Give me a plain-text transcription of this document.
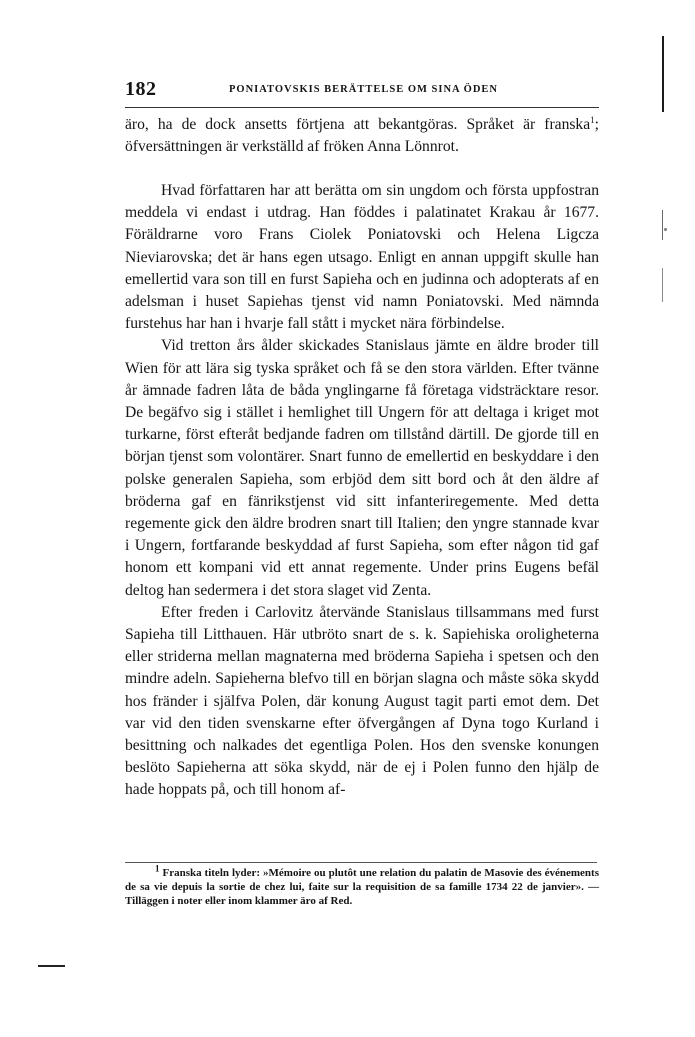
182	PONIATOVSKIS BERÄTTELSE OM SINA ÖDEN

äro, ha de dock ansetts förtjena att bekantgöras. Språket är franska$^1$; öfversättningen är verkställd af fröken Anna Lönnrot.

Hvad författaren har att berätta om sin ungdom och första uppfostran meddela vi endast i utdrag. Han föddes i palatinatet Krakau år 1677. Föräldrarne voro Frans Ciolek Poniatovski och Helena Ligcza Nieviarovska; det är hans egen utsago. Enligt en annan uppgift skulle han emellertid vara son till en furst Sapieha och en judinna och adopterats af en adelsman i huset Sapiehas tjenst vid namn Poniatovski. Med nämnda furstehus har han i hvarje fall stått i mycket nära förbindelse.

Vid tretton års ålder skickades Stanislaus jämte en äldre broder till Wien för att lära sig tyska språket och få se den stora världen. Efter tvänne år ämnade fadren låta de båda ynglingarne få företaga vidsträcktare resor. De begäfvo sig i stället i hemlighet till Ungern för att deltaga i kriget mot turkarne, först efteråt bedjande fadren om tillstånd därtill. De gjorde till en början tjenst som volontärer. Snart funno de emellertid en beskyddare i den polske generalen Sapieha, som erbjöd dem sitt bord och åt den äldre af bröderna gaf en fänrikstjenst vid sitt infanteriregemente. Med detta regemente gick den äldre brodren snart till Italien; den yngre stannade kvar i Ungern, fortfarande beskyddad af furst Sapieha, som efter någon tid gaf honom ett kompani vid ett annat regemente. Under prins Eugens befäl deltog han sedermera i det stora slaget vid Zenta.

Efter freden i Carlovitz återvände Stanislaus tillsammans med furst Sapieha till Litthauen. Här utbröto snart de s. k. Sapiehiska oroligheterna eller striderna mellan magnaterna med bröderna Sapieha i spetsen och den mindre adeln. Sapieherna blefvo till en början slagna och måste söka skydd hos fränder i själfva Polen, där konung August tagit parti emot dem. Det var vid den tiden svenskarne efter öfvergången af Dyna togo Kurland i besittning och nalkades det egentliga Polen. Hos den svenske konungen beslöto Sapieherna att söka skydd, när de ej i Polen funno den hjälp de hade hoppats på, och till honom af-

$^1$ Franska titeln lyder: »Mémoire ou plutôt une relation du palatin de Masovie des événements de sa vie depuis la sortie de chez lui, faite sur la requisition de sa famille 1734 22 de janvier». — Tilläggen i noter eller inom klammer äro af Red.
